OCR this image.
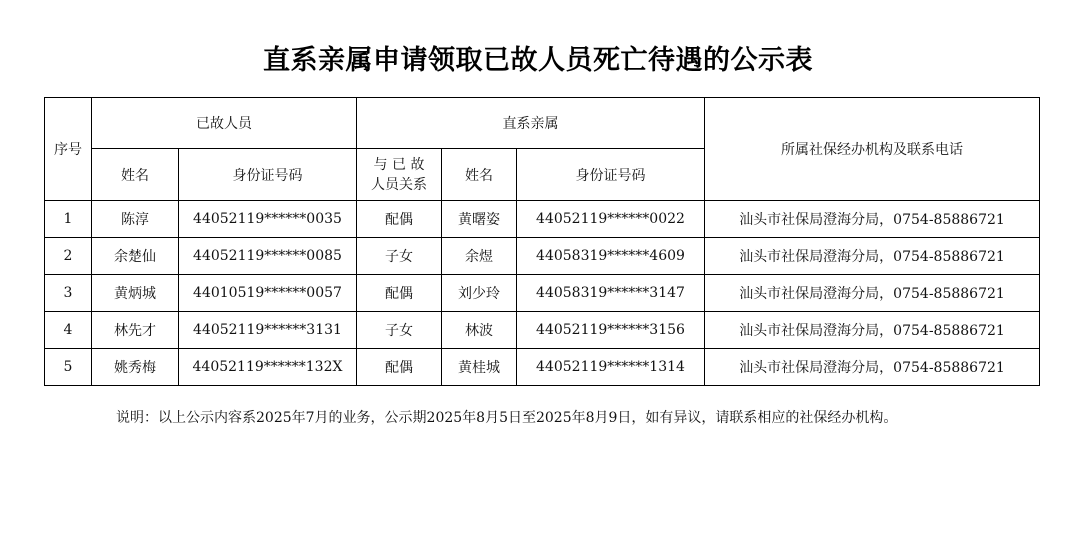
直系亲属申请领取已故人员死亡待遇的公示表
序号	已故人员		直系亲属			所属社保经办机构及联系电话
	姓名	身份证号码	与 已 故
人员关系	姓名	身份证号码	
1	陈淳	44052119******0035	配偶	黄曙姿	44052119******0022	汕头市社保局澄海分局，0754-85886721
2	余楚仙	44052119******0085	子女	余煜	44058319******4609	汕头市社保局澄海分局，0754-85886721
3	黄炳城	44010519******0057	配偶	刘少玲	44058319******3147	汕头市社保局澄海分局，0754-85886721
4	林先才	44052119******3131	子女	林波	44052119******3156	汕头市社保局澄海分局，0754-85886721
5	姚秀梅	44052119******132X	配偶	黄桂城	44052119******1314	汕头市社保局澄海分局，0754-85886721
说明：以上公示内容系2025年7月的业务，公示期2025年8月5日至2025年8月9日，如有异议，请联系相应的社保经办机构。
